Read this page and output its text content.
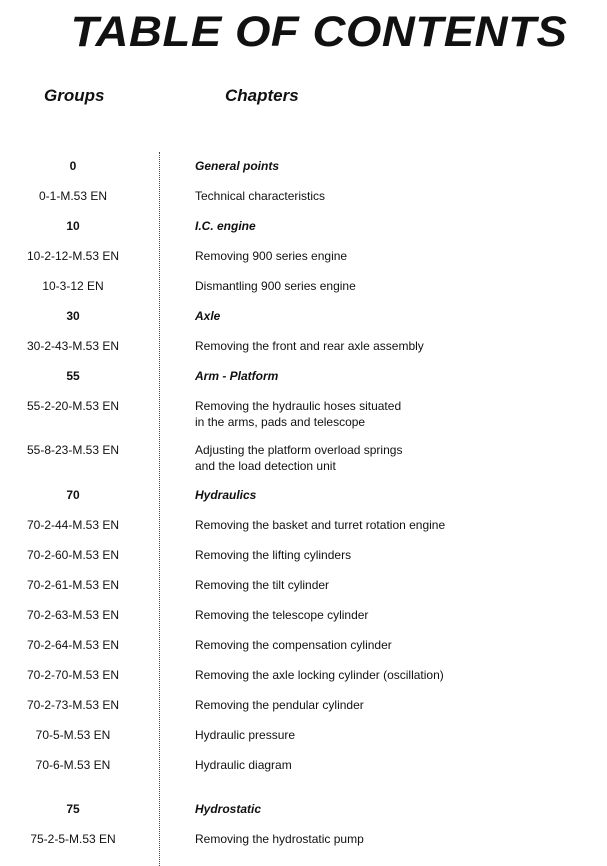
TABLE OF CONTENTS
Groups	Chapters
0	General points
0-1-M.53 EN	Technical characteristics
10	I.C. engine
10-2-12-M.53 EN	Removing 900 series engine
10-3-12 EN	Dismantling 900 series engine
30	Axle
30-2-43-M.53 EN	Removing the front and rear axle assembly
55	Arm - Platform
55-2-20-M.53 EN	Removing the hydraulic hoses situated
in the arms, pads and telescope
55-8-23-M.53 EN	Adjusting the platform overload springs
and the load detection unit
70	Hydraulics
70-2-44-M.53 EN	Removing the basket and turret rotation engine
70-2-60-M.53 EN	Removing the lifting cylinders
70-2-61-M.53 EN	Removing the tilt cylinder
70-2-63-M.53 EN	Removing the telescope cylinder
70-2-64-M.53 EN	Removing the compensation cylinder
70-2-70-M.53 EN	Removing the axle locking cylinder (oscillation)
70-2-73-M.53 EN	Removing the pendular cylinder
70-5-M.53 EN	Hydraulic pressure
70-6-M.53 EN	Hydraulic diagram
75	Hydrostatic
75-2-5-M.53 EN	Removing the hydrostatic pump
